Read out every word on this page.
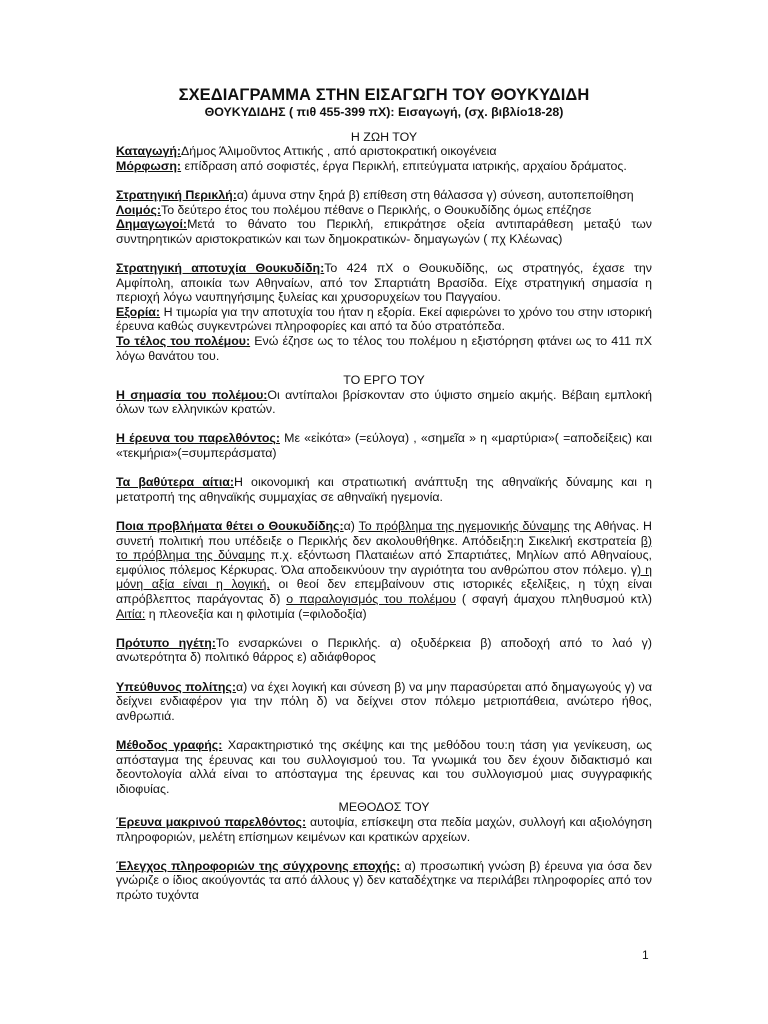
ΣΧΕΔΙΑΓΡΑΜΜΑ ΣΤΗΝ ΕΙΣΑΓΩΓΗ ΤΟΥ ΘΟΥΚΥΔΙΔΗ
ΘΟΥΚΥΔΙΔΗΣ ( πιθ 455-399 πΧ): Εισαγωγή, (σχ. βιβλίο18-28)
Η ΖΩΗ ΤΟΥ

Καταγωγή:Δήμος Άλιμοῦντος Αττικής , από αριστοκρατική οικογένεια

Μόρφωση: επίδραση από σοφιστές, έργα Περικλή, επιτεύγματα ιατρικής, αρχαίου δράματος.

Στρατηγική Περικλή:α) άμυνα στην ξηρά β) επίθεση στη θάλασσα γ) σύνεση, αυτοπεποίθηση

Λοιμός:Το δεύτερο έτος του πολέμου πέθανε ο Περικλής, ο Θουκυδίδης όμως επέζησε

Δημαγωγοί:Μετά το θάνατο του Περικλή, επικράτησε οξεία αντιπαράθεση μεταξύ των συντηρητικών αριστοκρατικών και των δημοκρατικών- δημαγωγών ( πχ Κλέωνας)

Στρατηγική αποτυχία Θουκυδίδη:Το 424 πΧ ο Θουκυδίδης, ως στρατηγός, έχασε την Αμφίπολη, αποικία των Αθηναίων, από τον Σπαρτιάτη Βρασίδα. Είχε στρατηγική σημασία η περιοχή λόγω ναυπηγήσιμης ξυλείας και χρυσορυχείων του Παγγαίου.

Εξορία: Η τιμωρία για την αποτυχία του ήταν η εξορία. Εκεί αφιερώνει το χρόνο του στην ιστορική έρευνα καθώς συγκεντρώνει πληροφορίες και από τα δύο στρατόπεδα.

Το τέλος του πολέμου: Ενώ έζησε ως το τέλος του πολέμου η εξιστόρηση φτάνει ως το 411 πΧ λόγω θανάτου του.

ΤΟ ΕΡΓΟ ΤΟΥ

Η σημασία του πολέμου:Οι αντίπαλοι βρίσκονταν στο ύψιστο σημείο ακμής. Βέβαιη εμπλοκή όλων των ελληνικών κρατών.

Η έρευνα του παρελθόντος: Με «εἰκότα» (=εύλογα) , «σημεῖα » η «μαρτύρια»( =αποδείξεις) και «τεκμήρια»(=συμπεράσματα)

Τα βαθύτερα αίτια:Η οικονομική και στρατιωτική ανάπτυξη της αθηναϊκής δύναμης και η μετατροπή της αθηναϊκής συμμαχίας σε αθηναϊκή ηγεμονία.

Ποια προβλήματα θέτει ο Θουκυδίδης:α) Το πρόβλημα της ηγεμονικής δύναμης της Αθήνας. Η συνετή πολιτική που υπέδειξε ο Περικλής δεν ακολουθήθηκε. Απόδειξη:η Σικελική εκστρατεία β) το πρόβλημα της δύναμης π.χ. εξόντωση Πλαταιέων από Σπαρτιάτες, Μηλίων από Αθηναίους, εμφύλιος πόλεμος Κέρκυρας. Όλα αποδεικνύουν την αγριότητα του ανθρώπου στον πόλεμο. γ) η μόνη αξία είναι η λογική, οι θεοί δεν επεμβαίνουν στις ιστορικές εξελίξεις, η τύχη είναι απρόβλεπτος παράγοντας δ) ο παραλογισμός του πολέμου ( σφαγή άμαχου πληθυσμού κτλ) Αιτία: η πλεονεξία και η φιλοτιμία (=φιλοδοξία)

Πρότυπο ηγέτη:Το ενσαρκώνει ο Περικλής. α) οξυδέρκεια β) αποδοχή από το λαό γ) ανωτερότητα δ) πολιτικό θάρρος ε) αδιάφθορος

Υπεύθυνος πολίτης:α) να έχει λογική και σύνεση β) να μην παρασύρεται από δημαγωγούς γ) να δείχνει ενδιαφέρον για την πόλη δ) να δείχνει στον πόλεμο μετριοπάθεια, ανώτερο ήθος, ανθρωπιά.

Μέθοδος γραφής: Χαρακτηριστικό της σκέψης και της μεθόδου του:η τάση για γενίκευση, ως απόσταγμα της έρευνας και του συλλογισμού του. Τα γνωμικά του δεν έχουν διδακτισμό και δεοντολογία αλλά είναι το απόσταγμα της έρευνας και του συλλογισμού μιας συγγραφικής ιδιοφυίας.

ΜΕΘΟΔΟΣ ΤΟΥ

Έρευνα μακρινού παρελθόντος: αυτοψία, επίσκεψη στα πεδία μαχών, συλλογή και αξιολόγηση πληροφοριών, μελέτη επίσημων κειμένων και κρατικών αρχείων.

Έλεγχος πληροφοριών της σύγχρονης εποχής: α) προσωπική γνώση β) έρευνα για όσα δεν γνώριζε ο ίδιος ακούγοντάς τα από άλλους γ) δεν καταδέχτηκε να περιλάβει πληροφορίες από τον πρώτο τυχόντα

1
